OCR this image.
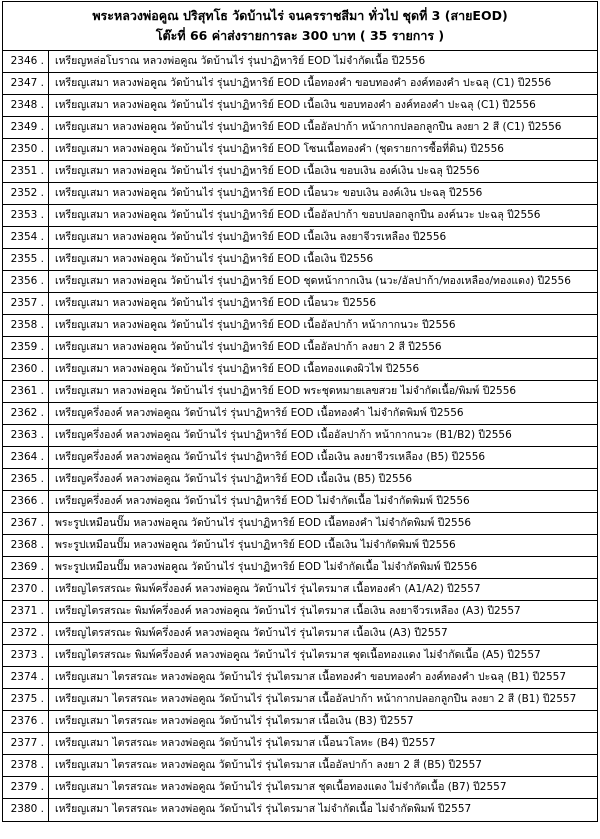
พระหลวงพ่อคูณ ปริสุทโธ วัดบ้านไร่ จนครราชสีมา ทั่วไป ชุดที่ 3 (สายEOD)
โต๊ะที่ 66 ค่าส่งรายการละ 300 บาท ( 35 รายการ )
2346 .	เหรียญหล่อโบราณ หลวงพ่อคูณ วัดบ้านไร่ รุ่นปาฏิหาริย์ EOD ไม่จำกัดเนื้อ ปี2556
2347 .	เหรียญเสมา หลวงพ่อคูณ วัดบ้านไร่ รุ่นปาฏิหาริย์ EOD เนื้อทองคำ ขอบทองคำ องค์ทองคำ ปะฉลุ (C1) ปี2556
2348 .	เหรียญเสมา หลวงพ่อคูณ วัดบ้านไร่ รุ่นปาฏิหาริย์ EOD เนื้อเงิน ขอบทองคำ องค์ทองคำ ปะฉลุ (C1) ปี2556
2349 .	เหรียญเสมา หลวงพ่อคูณ วัดบ้านไร่ รุ่นปาฏิหาริย์ EOD เนื้ออัลปาก้า หน้ากากปลอกลูกปืน ลงยา 2 สี (C1) ปี2556
2350 .	เหรียญเสมา หลวงพ่อคูณ วัดบ้านไร่ รุ่นปาฏิหาริย์ EOD โซนเนื้อทองคำ (ชุดรายการซื้อที่ดิน) ปี2556
2351 .	เหรียญเสมา หลวงพ่อคูณ วัดบ้านไร่ รุ่นปาฏิหาริย์ EOD เนื้อเงิน ขอบเงิน องค์เงิน ปะฉลุ ปี2556
2352 .	เหรียญเสมา หลวงพ่อคูณ วัดบ้านไร่ รุ่นปาฏิหาริย์ EOD เนื้อนวะ ขอบเงิน องค์เงิน ปะฉลุ ปี2556
2353 .	เหรียญเสมา หลวงพ่อคูณ วัดบ้านไร่ รุ่นปาฏิหาริย์ EOD เนื้ออัลปาก้า ขอบปลอกลูกปืน องค์นวะ ปะฉลุ ปี2556
2354 .	เหรียญเสมา หลวงพ่อคูณ วัดบ้านไร่ รุ่นปาฏิหาริย์ EOD เนื้อเงิน ลงยาจีวรเหลือง ปี2556
2355 .	เหรียญเสมา หลวงพ่อคูณ วัดบ้านไร่ รุ่นปาฏิหาริย์ EOD เนื้อเงิน ปี2556
2356 .	เหรียญเสมา หลวงพ่อคูณ วัดบ้านไร่ รุ่นปาฏิหาริย์ EOD ชุดหน้ากากเงิน (นวะ/อัลปาก้า/ทองเหลือง/ทองแดง) ปี2556
2357 .	เหรียญเสมา หลวงพ่อคูณ วัดบ้านไร่ รุ่นปาฏิหาริย์ EOD เนื้อนวะ ปี2556
2358 .	เหรียญเสมา หลวงพ่อคูณ วัดบ้านไร่ รุ่นปาฏิหาริย์ EOD เนื้ออัลปาก้า หน้ากากนวะ ปี2556
2359 .	เหรียญเสมา หลวงพ่อคูณ วัดบ้านไร่ รุ่นปาฏิหาริย์ EOD เนื้ออัลปาก้า ลงยา 2 สี ปี2556
2360 .	เหรียญเสมา หลวงพ่อคูณ วัดบ้านไร่ รุ่นปาฏิหาริย์ EOD เนื้อทองแดงผิวไฟ ปี2556
2361 .	เหรียญเสมา หลวงพ่อคูณ วัดบ้านไร่ รุ่นปาฏิหาริย์ EOD พระชุดหมายเลขสวย ไม่จำกัดเนื้อ/พิมพ์ ปี2556
2362 .	เหรียญครึ่งองค์ หลวงพ่อคูณ วัดบ้านไร่ รุ่นปาฏิหาริย์ EOD เนื้อทองคำ ไม่จำกัดพิมพ์ ปี2556
2363 .	เหรียญครึ่งองค์ หลวงพ่อคูณ วัดบ้านไร่ รุ่นปาฏิหาริย์ EOD เนื้ออัลปาก้า หน้ากากนวะ (B1/B2) ปี2556
2364 .	เหรียญครึ่งองค์ หลวงพ่อคูณ วัดบ้านไร่ รุ่นปาฏิหาริย์ EOD เนื้อเงิน ลงยาจีวรเหลือง (B5) ปี2556
2365 .	เหรียญครึ่งองค์ หลวงพ่อคูณ วัดบ้านไร่ รุ่นปาฏิหาริย์ EOD เนื้อเงิน (B5) ปี2556
2366 .	เหรียญครึ่งองค์ หลวงพ่อคูณ วัดบ้านไร่ รุ่นปาฏิหาริย์ EOD ไม่จำกัดเนื้อ ไม่จำกัดพิมพ์ ปี2556
2367 .	พระรูปเหมือนปั๊ม หลวงพ่อคูณ วัดบ้านไร่ รุ่นปาฏิหาริย์ EOD เนื้อทองคำ ไม่จำกัดพิมพ์ ปี2556
2368 .	พระรูปเหมือนปั๊ม หลวงพ่อคูณ วัดบ้านไร่ รุ่นปาฏิหาริย์ EOD เนื้อเงิน ไม่จำกัดพิมพ์ ปี2556
2369 .	พระรูปเหมือนปั๊ม หลวงพ่อคูณ วัดบ้านไร่ รุ่นปาฏิหาริย์ EOD ไม่จำกัดเนื้อ ไม่จำกัดพิมพ์ ปี2556
2370 .	เหรียญไตรสรณะ พิมพ์ครึ่งองค์ หลวงพ่อคูณ วัดบ้านไร่ รุ่นไตรมาส เนื้อทองคำ (A1/A2) ปี2557
2371 .	เหรียญไตรสรณะ พิมพ์ครึ่งองค์ หลวงพ่อคูณ วัดบ้านไร่ รุ่นไตรมาส เนื้อเงิน ลงยาจีวรเหลือง (A3) ปี2557
2372 .	เหรียญไตรสรณะ พิมพ์ครึ่งองค์ หลวงพ่อคูณ วัดบ้านไร่ รุ่นไตรมาส เนื้อเงิน (A3) ปี2557
2373 .	เหรียญไตรสรณะ พิมพ์ครึ่งองค์ หลวงพ่อคูณ วัดบ้านไร่ รุ่นไตรมาส ชุดเนื้อทองแดง ไม่จำกัดเนื้อ (A5) ปี2557
2374 .	เหรียญเสมา ไตรสรณะ หลวงพ่อคูณ วัดบ้านไร่ รุ่นไตรมาส เนื้อทองคำ ขอบทองคำ องค์ทองคำ ปะฉลุ (B1) ปี2557
2375 .	เหรียญเสมา ไตรสรณะ หลวงพ่อคูณ วัดบ้านไร่ รุ่นไตรมาส เนื้ออัลปาก้า หน้ากากปลอกลูกปืน ลงยา 2 สี (B1) ปี2557
2376 .	เหรียญเสมา ไตรสรณะ หลวงพ่อคูณ วัดบ้านไร่ รุ่นไตรมาส เนื้อเงิน (B3) ปี2557
2377 .	เหรียญเสมา ไตรสรณะ หลวงพ่อคูณ วัดบ้านไร่ รุ่นไตรมาส เนื้อนวโลหะ (B4) ปี2557
2378 .	เหรียญเสมา ไตรสรณะ หลวงพ่อคูณ วัดบ้านไร่ รุ่นไตรมาส เนื้ออัลปาก้า ลงยา 2 สี (B5) ปี2557
2379 .	เหรียญเสมา ไตรสรณะ หลวงพ่อคูณ วัดบ้านไร่ รุ่นไตรมาส ชุดเนื้อทองแดง ไม่จำกัดเนื้อ (B7) ปี2557
2380 .	เหรียญเสมา ไตรสรณะ หลวงพ่อคูณ วัดบ้านไร่ รุ่นไตรมาส ไม่จำกัดเนื้อ ไม่จำกัดพิมพ์ ปี2557
